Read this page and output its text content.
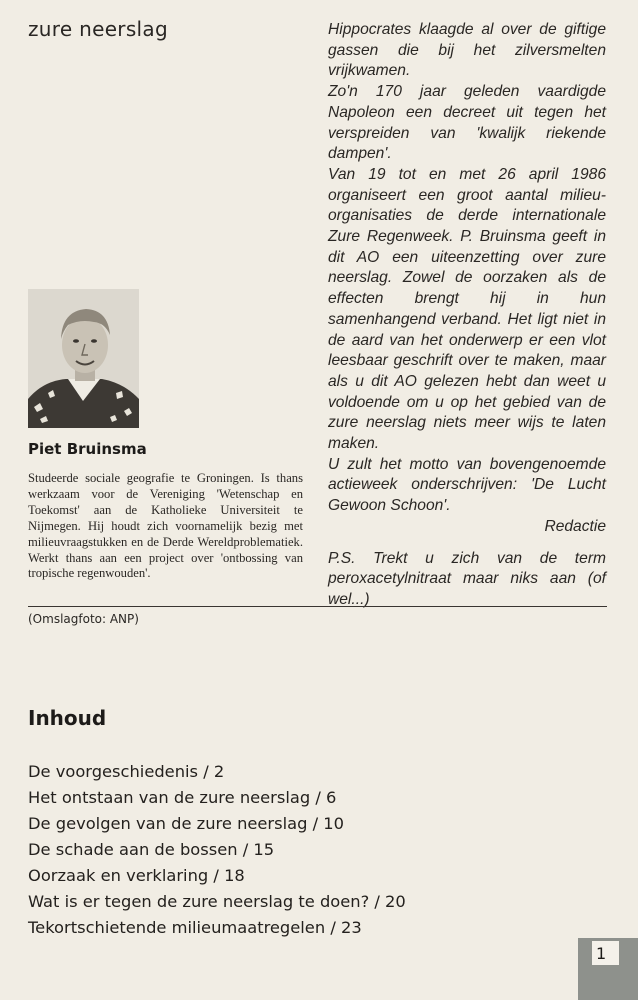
zure neerslag	Hippocrates klaagde al over de giftige gassen die bij het zilversmelten vrijkwamen.

Zo'n 170 jaar geleden vaardigde Napoleon een decreet uit tegen het verspreiden van 'kwalijk riekende dampen'.

Van 19 tot en met 26 april 1986 organiseert een groot aantal milieu-organisaties de derde internationale Zure Regenweek. P. Bruinsma geeft in dit AO een uiteenzetting over zure neerslag. Zowel de oorzaken als de effecten brengt hij in hun samenhangend verband. Het ligt niet in de aard van het onderwerp er een vlot leesbaar geschrift over te maken, maar als u dit AO gelezen hebt dan weet u voldoende om u op het gebied van de zure neerslag niets meer wijs te laten maken.

U zult het motto van bovengenoemde actieweek onderschrijven: 'De Lucht Gewoon Schoon'.

Redactie

P.S. Trekt u zich van de term peroxacetylnitraat maar niks aan (of wel...)

Piet Bruinsma
Studeerde sociale geografie te Groningen. Is thans werkzaam voor de Vereniging 'Wetenschap en Toekomst' aan de Katholieke Universiteit te Nijmegen. Hij houdt zich voornamelijk bezig met milieuvraagstukken en de Derde Wereldproblematiek. Werkt thans aan een project over 'ontbossing van tropische regenwouden'.
(Omslagfoto: ANP)
Inhoud
De voorgeschiedenis / 2
Het ontstaan van de zure neerslag / 6
De gevolgen van de zure neerslag / 10
De schade aan de bossen / 15
Oorzaak en verklaring / 18
Wat is er tegen de zure neerslag te doen? / 20
Tekortschietende milieumaatregelen / 23
1
